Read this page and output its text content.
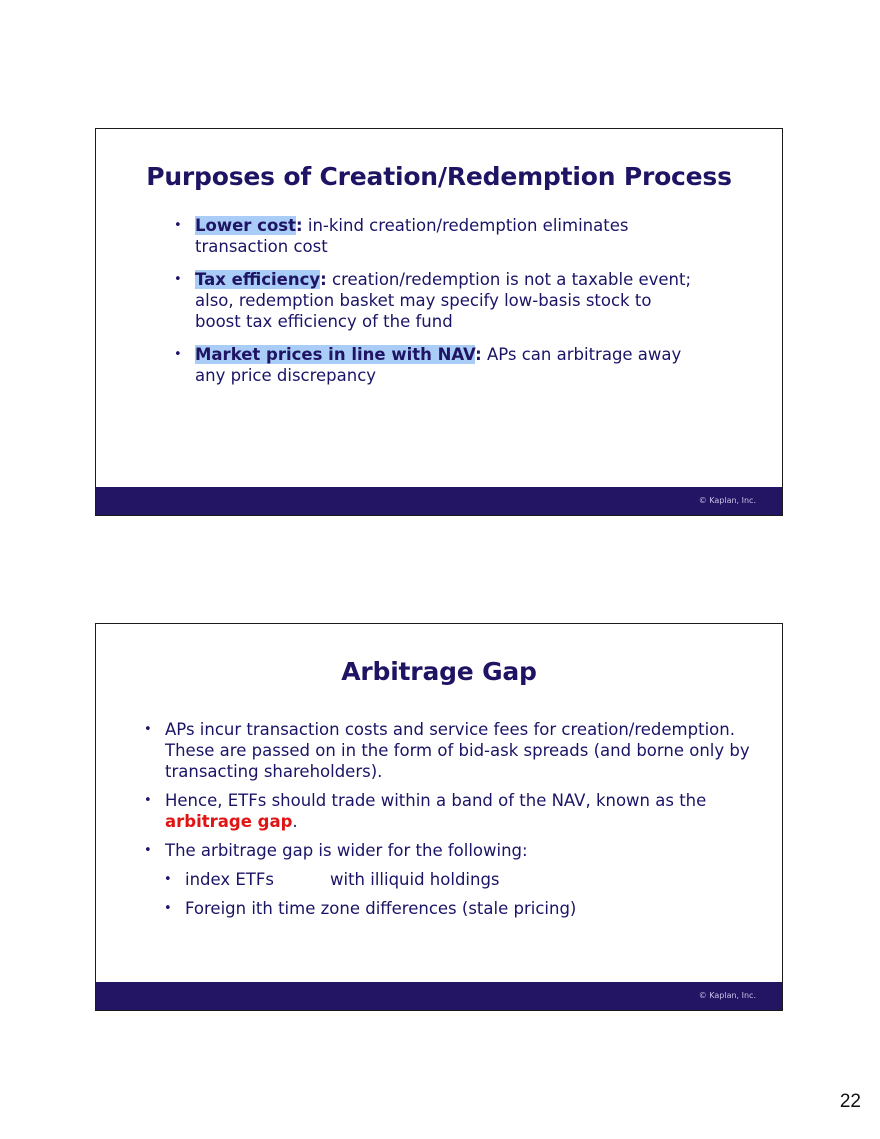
Purposes of Creation/Redemption Process
• Lower cost: in-kind creation/redemption eliminates transaction cost
• Tax efficiency: creation/redemption is not a taxable event; also, redemption basket may specify low-basis stock to boost tax efficiency of the fund
• Market prices in line with NAV: APs can arbitrage away any price discrepancy
© Kaplan, Inc.
Arbitrage Gap
• APs incur transaction costs and service fees for creation/redemption. These are passed on in the form of bid-ask spreads (and borne only by transacting shareholders).
• Hence, ETFs should trade within a band of the NAV, known as the arbitrage gap.
• The arbitrage gap is wider for the following:
• index ETFs	with illiquid holdings
• Foreign ith time zone differences (stale pricing)
© Kaplan, Inc.
22
